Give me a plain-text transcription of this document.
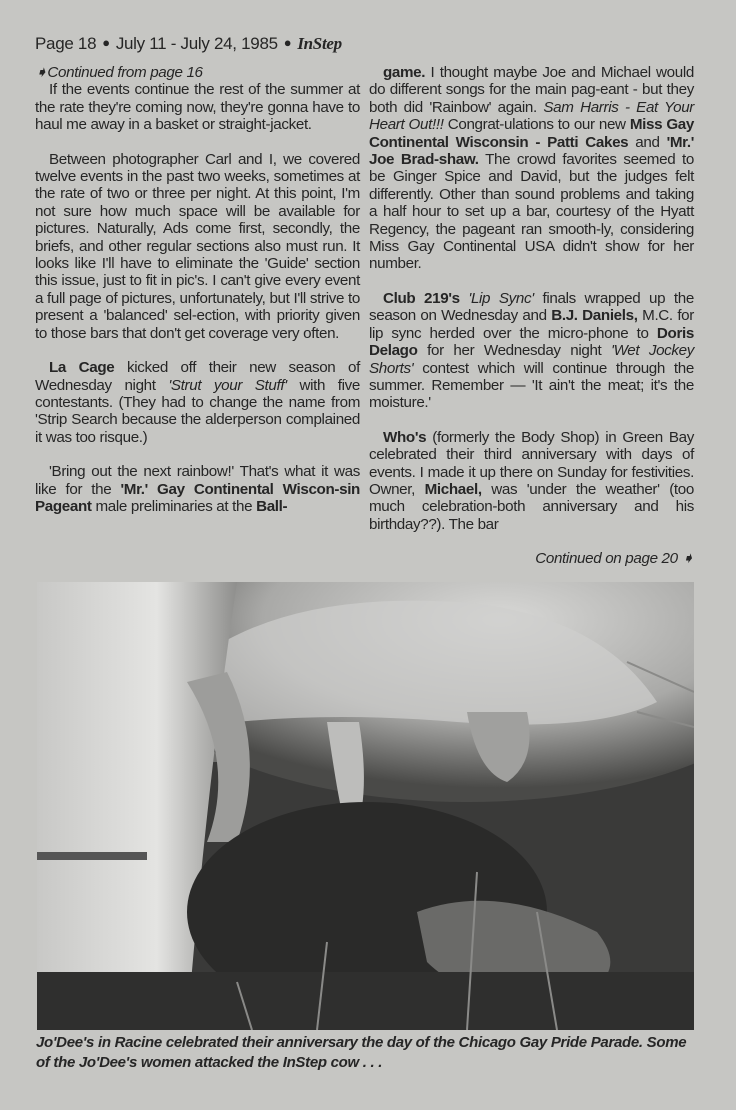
Page 18 ● July 11 - July 24, 1985 ● InStep

➧Continued from page 16

If the events continue the rest of the summer at the rate they're coming now, they're gonna have to haul me away in a basket or straight-jacket.

Between photographer Carl and I, we covered twelve events in the past two weeks, sometimes at the rate of two or three per night. At this point, I'm not sure how much space will be available for pictures. Naturally, Ads come first, secondly, the briefs, and other regular sections also must run. It looks like I'll have to eliminate the 'Guide' section this issue, just to fit in pic's. I can't give every event a full page of pictures, unfortunately, but I'll strive to present a 'balanced' sel-ection, with priority given to those bars that don't get coverage very often.

La Cage kicked off their new season of Wednesday night 'Strut your Stuff' with five contestants. (They had to change the name from 'Strip Search because the alderperson complained it was too risque.)

'Bring out the next rainbow!' That's what it was like for the 'Mr.' Gay Continental Wiscon-sin Pageant male preliminaries at the Ball-

game. I thought maybe Joe and Michael would do different songs for the main pag-eant - but they both did 'Rainbow' again. Sam Harris - Eat Your Heart Out!!! Congrat-ulations to our new Miss Gay Continental Wisconsin - Patti Cakes and 'Mr.' Joe Brad-shaw. The crowd favorites seemed to be Ginger Spice and David, but the judges felt differently. Other than sound problems and taking a half hour to set up a bar, courtesy of the Hyatt Regency, the pageant ran smooth-ly, considering Miss Gay Continental USA didn't show for her number.

Club 219's 'Lip Sync' finals wrapped up the season on Wednesday and B.J. Daniels, M.C. for lip sync herded over the micro-phone to Doris Delago for her Wednesday night 'Wet Jockey Shorts' contest which will continue through the summer. Remember — 'It ain't the meat; it's the moisture.'

Who's (formerly the Body Shop) in Green Bay celebrated their third anniversary with days of events. I made it up there on Sunday for festivities. Owner, Michael, was 'under the weather' (too much celebration-both anniversary and his birthday??). The bar

Continued on page 20 ➧

Jo'Dee's in Racine celebrated their anniversary the day of the Chicago Gay Pride Parade. Some of the Jo'Dee's women attacked the InStep cow . . .
